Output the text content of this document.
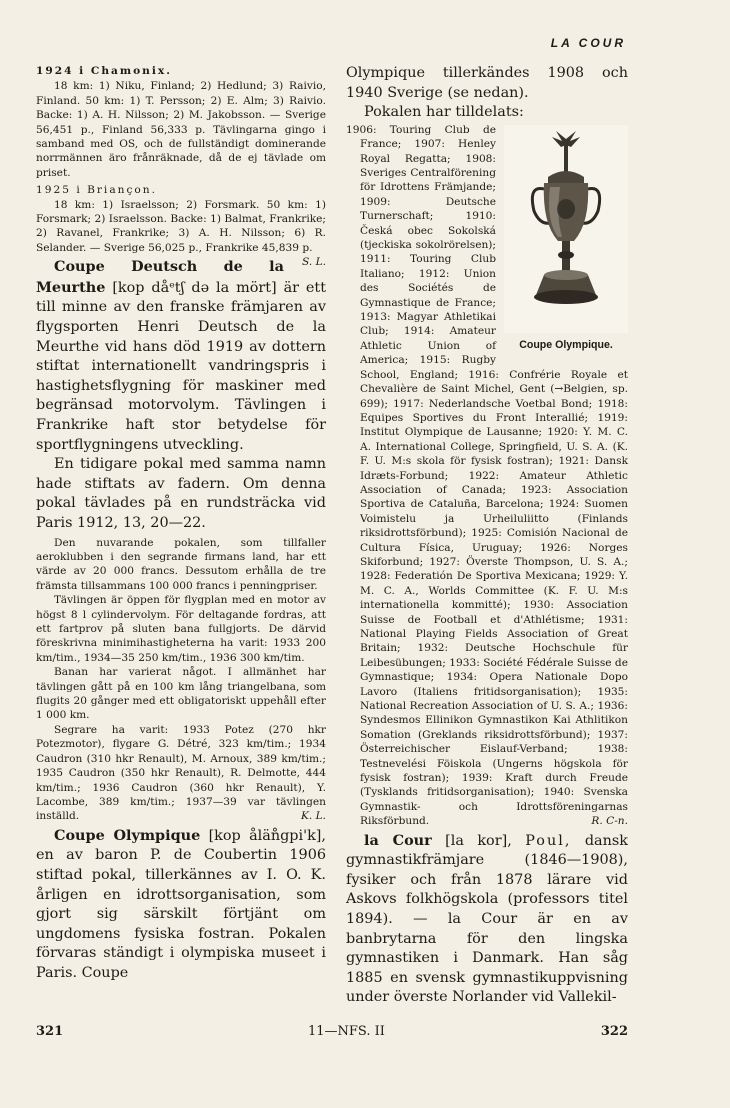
LA COUR

1924 i Chamonix.

18 km: 1) Niku, Finland; 2) Hedlund; 3) Raivio, Finland. 50 km: 1) T. Persson; 2) E. Alm; 3) Raivio. Backe: 1) A. H. Nilsson; 2) M. Jakobsson. — Sverige 56,451 p., Finland 56,333 p. Tävlingarna gingo i samband med OS, och de fullständigt dominerande norrmännen äro frånräknade, då de ej tävlade om priset.

1925 i Briançon.

18 km: 1) Israelsson; 2) Forsmark. 50 km: 1) Forsmark; 2) Israelsson. Backe: 1) Balmat, Frankrike; 2) Ravanel, Frankrike; 3) A. H. Nilsson; 6) R. Selander. — Sverige 56,025 p., Frankrike 45,839 p.
S. L.

Coupe Deutsch de la Meurthe [kop dåᵉtʃ də la mört] är ett till minne av den franske främjaren av flygsporten Henri Deutsch de la Meurthe vid hans död 1919 av dottern stiftat internationellt vandringspris i hastighetsflygning för maskiner med begränsad motorvolym. Tävlingen i Frankrike haft stor betydelse för sportflygningens utveckling.

En tidigare pokal med samma namn hade stiftats av fadern. Om denna pokal tävlades på en rundsträcka vid Paris 1912, 13, 20—22.

Den nuvarande pokalen, som tillfaller aeroklubben i den segrande firmans land, har ett värde av 20 000 francs. Dessutom erhålla de tre främsta tillsammans 100 000 francs i penningpriser.

Tävlingen är öppen för flygplan med en motor av högst 8 l cylindervolym. För deltagande fordras, att ett fartprov på sluten bana fullgjorts. De därvid föreskrivna minimihastigheterna ha varit: 1933 200 km/tim., 1934—35 250 km/tim., 1936 300 km/tim.

Banan har varierat något. I allmänhet har tävlingen gått på en 100 km lång triangelbana, som flugits 20 gånger med ett obligatoriskt uppehåll efter 1 000 km.

Segrare ha varit: 1933 Potez (270 hkr Potezmotor), flygare G. Détré, 323 km/tim.; 1934 Caudron (310 hkr Renault), M. Arnoux, 389 km/tim.; 1935 Caudron (350 hkr Renault), R. Delmotte, 444 km/tim.; 1936 Caudron (360 hkr Renault), Y. Lacombe, 389 km/tim.; 1937—39 var tävlingen inställd.	K. L.

Coupe Olympique [kop ålän̊gpi'k], en av baron P. de Coubertin 1906 stiftad pokal, tillerkännes av I. O. K. årligen en idrottsorganisation, som gjort sig särskilt förtjänt om ungdomens fysiska fostran. Pokalen förvaras ständigt i olympiska museet i Paris. Coupe

Olympique tillerkändes 1908 och 1940 Sverige (se nedan).

Pokalen har tilldelats:

Coupe Olympique.

1906: Touring Club de France; 1907: Henley Royal Regatta; 1908: Sveriges Centralförening för Idrottens Främjande; 1909: Deutsche Turnerschaft; 1910: Česká obec Sokolská (tjeckiska sokolrörelsen); 1911: Touring Club Italiano; 1912: Union des Sociétés de Gymnastique de France; 1913: Magyar Athletikai Club; 1914: Amateur Athletic Union of America; 1915: Rugby School, England; 1916: Confrérie Royale et Chevalière de Saint Michel, Gent (→Belgien, sp. 699); 1917: Nederlandsche Voetbal Bond; 1918: Equipes Sportives du Front Interallié; 1919: Institut Olympique de Lausanne; 1920: Y. M. C. A. International College, Springfield, U. S. A. (K. F. U. M:s skola för fysisk fostran); 1921: Dansk Idræts-Forbund; 1922: Amateur Athletic Association of Canada; 1923: Association Sportiva de Cataluña, Barcelona; 1924: Suomen Voimistelu ja Urheiluliitto (Finlands riksidrottsförbund); 1925: Comisión Nacional de Cultura Física, Uruguay; 1926: Norges Skiforbund; 1927: Överste Thompson, U. S. A.; 1928: Federatión De Sportiva Mexicana; 1929: Y. M. C. A., Worlds Committee (K. F. U. M:s internationella kommitté); 1930: Association Suisse de Football et d'Athlétisme; 1931: National Playing Fields Association of Great Britain; 1932: Deutsche Hochschule für Leibesübungen; 1933: Société Fédérale Suisse de Gymnastique; 1934: Opera Nationale Dopo Lavoro (Italiens fritidsorganisation); 1935: National Recreation Association of U. S. A.; 1936: Syndesmos Ellinikon Gymnastikon Kai Athlitikon Somation (Greklands riksidrottsförbund); 1937: Österreichischer Eislauf-Verband; 1938: Testnevelési Föiskola (Ungerns högskola för fysisk fostran); 1939: Kraft durch Freude (Tysklands fritidsorganisation); 1940: Svenska Gymnastik- och Idrottsföreningarnas Riksförbund.	R. C-n.

la Cour [la kor], Poul, dansk gymnastikfrämjare (1846—1908), fysiker och från 1878 lärare vid Askovs folkhögskola (professors titel 1894). — la Cour är en av banbrytarna för den lingska gymnastiken i Danmark. Han såg 1885 en svensk gymnastikuppvisning under överste Norlander vid Vallekil-

321	11—NFS. II	322
